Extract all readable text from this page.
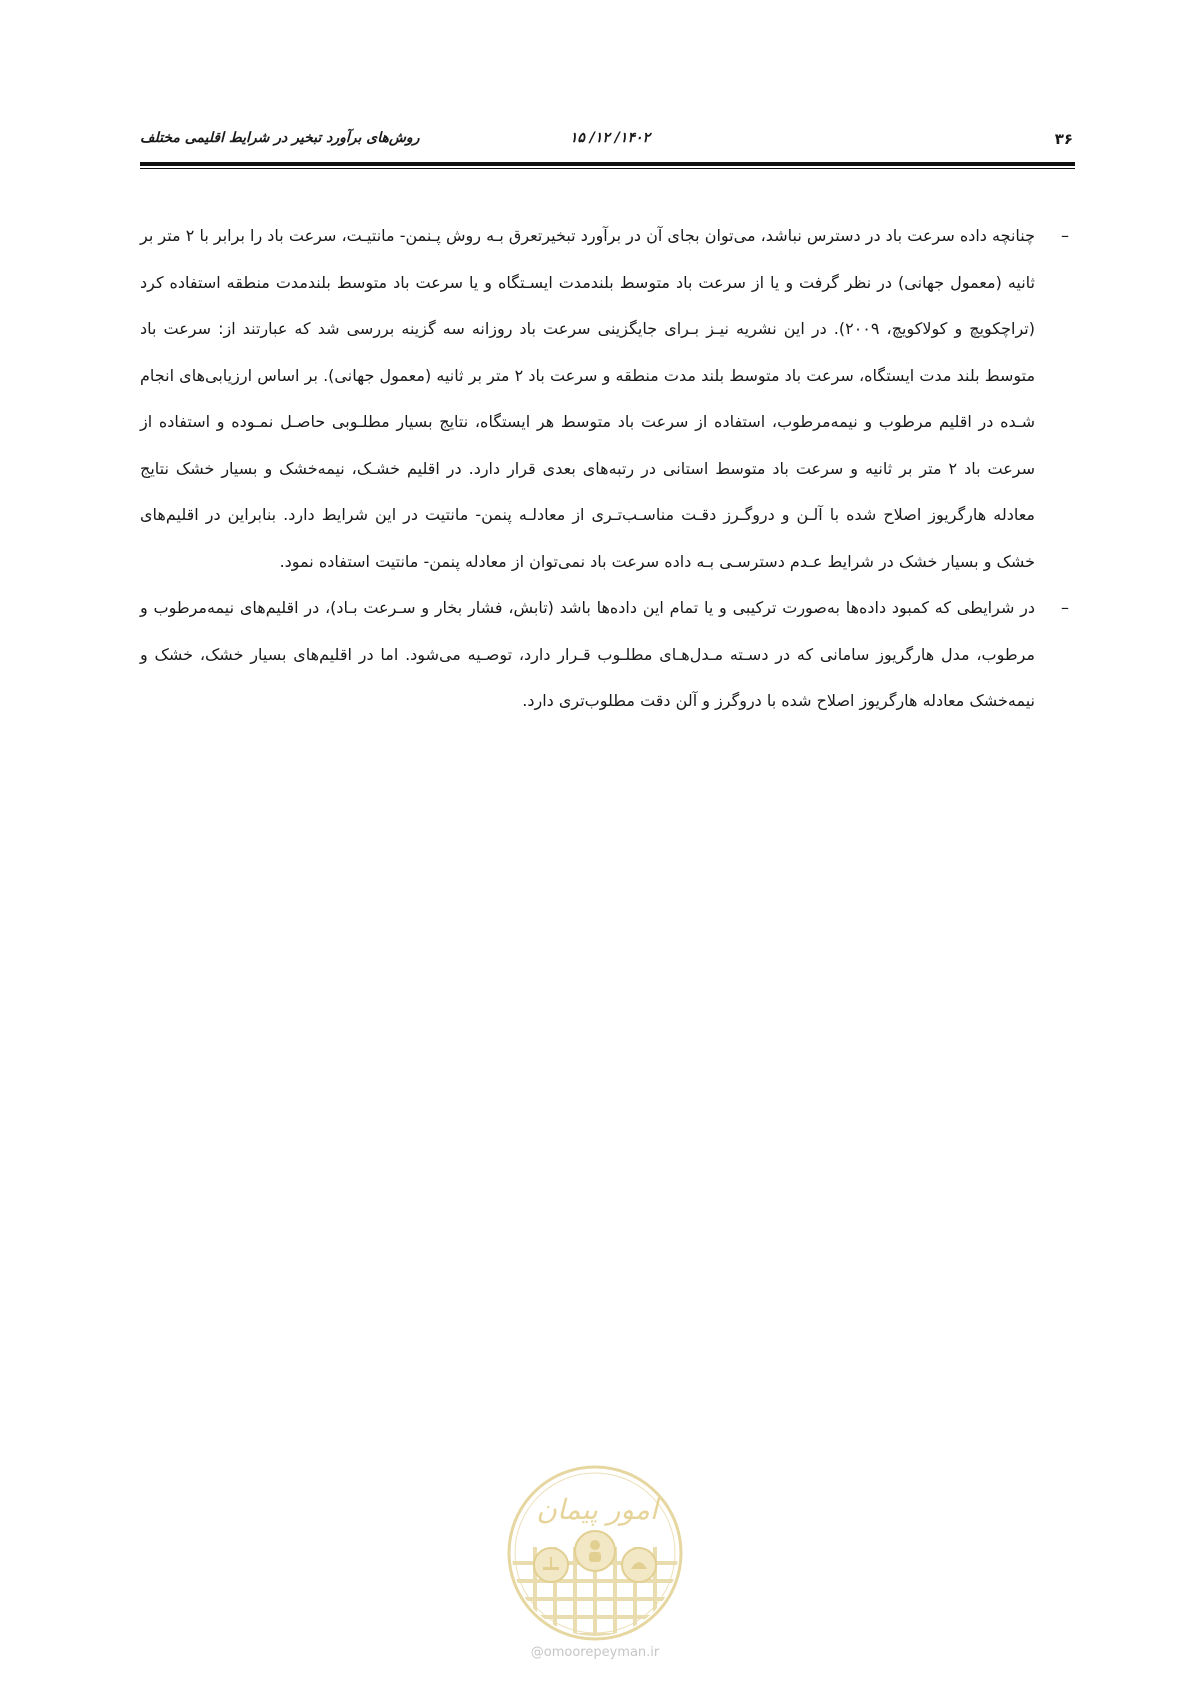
۳۶
۱۴۰۲/ ۱۲/ ۱۵
روش‌های برآورد تبخیر در شرایط اقلیمی مختلف

–
چنانچه داده سرعت باد در دسترس نباشد، می‌توان بجای آن در برآورد تبخیرتعرق بـه روش پـنمن- مانتیـت، سرعت باد را برابر با ۲ متر بر ثانیه (معمول جهانی) در نظر گرفت و یا از سرعت باد متوسط بلندمدت ایسـتگاه و یا سرعت باد متوسط بلندمدت منطقه استفاده کرد (تراچکویچ و کولاکویچ، ۲۰۰۹). در این نشریه نیـز بـرای جایگزینی سرعت باد روزانه سه گزینه بررسی شد که عبارتند از: سرعت باد متوسط بلند مدت ایستگاه، سرعت باد متوسط بلند مدت منطقه و سرعت باد ۲ متر بر ثانیه (معمول جهانی). بر اساس ارزیابی‌های انجام شـده در اقلیم مرطوب و نیمه‌مرطوب، استفاده از سرعت باد متوسط هر ایستگاه، نتایج بسیار مطلـوبی حاصـل نمـوده و استفاده از سرعت باد ۲ متر بر ثانیه و سرعت باد متوسط استانی در رتبه‌های بعدی قرار دارد. در اقلیم خشـک، نیمه‌خشک و بسیار خشک نتایج معادله هارگریوز اصلاح شده با آلـن و دروگـرز دقـت مناسـب‌تـری از معادلـه پنمن- مانتیت در این شرایط دارد. بنابراین در اقلیم‌های خشک و بسیار خشک در شرایط عـدم دسترسـی بـه داده سرعت باد نمی‌توان از معادله پنمن- مانتیت استفاده نمود.

–
در شرایطی که کمبود داده‌ها به‌صورت ترکیبی و یا تمام این داده‌ها باشد (تابش، فشار بخار و سـرعت بـاد)، در اقلیم‌های نیمه‌مرطوب و مرطوب، مدل هارگریوز سامانی که در دسـته مـدل‌هـای مطلـوب قـرار دارد، توصـیه می‌شود. اما در اقلیم‌های بسیار خشک، خشک و نیمه‌خشک معادله هارگریوز اصلاح شده با دروگرز و آلن دقت مطلوب‌تری دارد.

امور پیمان
@omoorepeyman.ir
